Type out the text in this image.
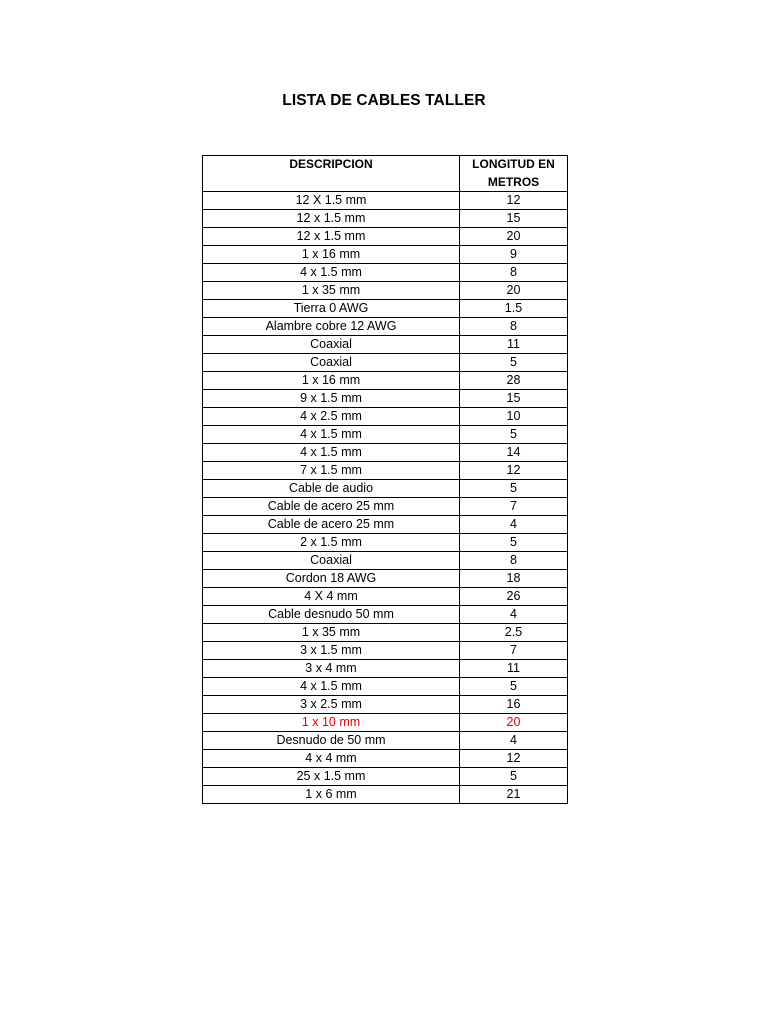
LISTA DE CABLES TALLER
DESCRIPCION	LONGITUD EN METROS
12 X 1.5 mm	12
12 x 1.5 mm	15
12 x 1.5 mm	20
1 x 16 mm	9
4 x 1.5 mm	8
1 x 35 mm	20
Tierra 0 AWG	1.5
Alambre cobre 12 AWG	8
Coaxial	11
Coaxial	5
1 x 16 mm	28
9 x 1.5 mm	15
4 x 2.5 mm	10
4 x 1.5 mm	5
4 x 1.5 mm	14
7 x 1.5 mm	12
Cable de audio	5
Cable de acero 25 mm	7
Cable de acero 25 mm	4
2 x 1.5 mm	5
Coaxial	8
Cordon 18 AWG	18
4 X 4 mm	26
Cable desnudo 50 mm	4
1 x 35 mm	2.5
3 x 1.5 mm	7
3 x 4 mm	11
4 x 1.5 mm	5
3 x 2.5 mm	16
1 x 10 mm	20
Desnudo de 50 mm	4
4 x 4 mm	12
25 x 1.5 mm	5
1 x 6 mm	21
